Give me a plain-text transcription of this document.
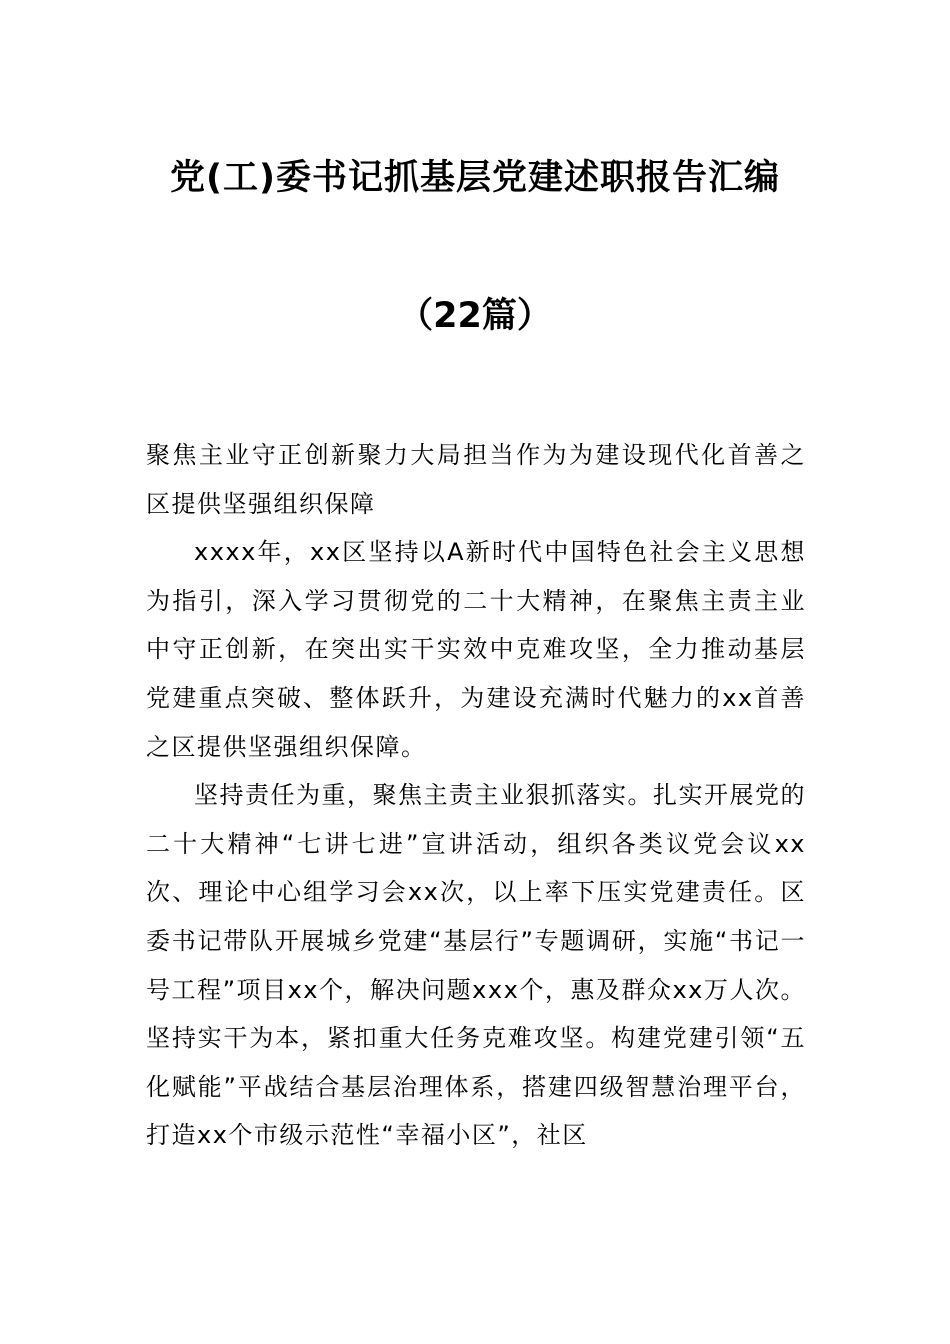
党(工)委书记抓基层党建述职报告汇编
（22篇）

聚焦主业守正创新聚力大局担当作为为建设现代化首善之区提供坚强组织保障

xxxx年，xx区坚持以A新时代中国特色社会主义思想为指引，深入学习贯彻党的二十大精神，在聚焦主责主业中守正创新，在突出实干实效中克难攻坚，全力推动基层党建重点突破、整体跃升，为建设充满时代魅力的xx首善之区提供坚强组织保障。

坚持责任为重，聚焦主责主业狠抓落实。扎实开展党的二十大精神“七讲七进”宣讲活动，组织各类议党会议xx次、理论中心组学习会xx次，以上率下压实党建责任。区委书记带队开展城乡党建“基层行”专题调研，实施“书记一号工程”项目xx个，解决问题xxx个，惠及群众xx万人次。坚持实干为本，紧扣重大任务克难攻坚。构建党建引领“五化赋能”平战结合基层治理体系，搭建四级智慧治理平台，打造xx个市级示范性“幸福小区”，社区
